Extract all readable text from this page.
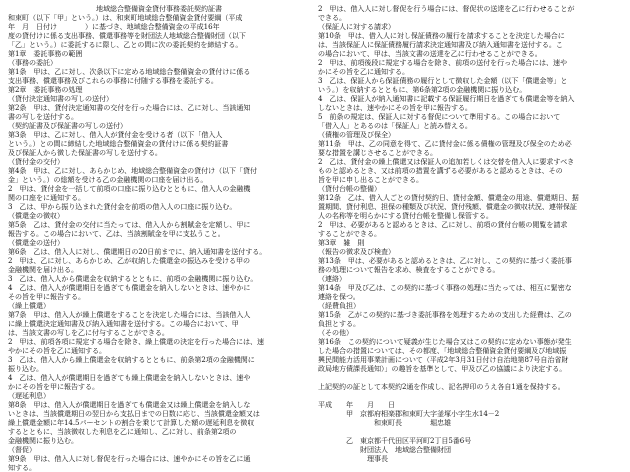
地域総合整備資金貸付事務委託契約証書
和束町（以下「甲」という。）は、和束町地域総合整備資金貸付要綱（平成
年　月　日付け　　　　）に基づき、地域総合整備資金の平成16年
度の貸付けに係る支出事務、償還事務等を財団法人地域総合整備財団（以下
「乙」という。）に委託するに際し、乙との間に次の委託契約を締結する。
第1章　委託事務の範囲
（事務の委託）
第1条　甲は、乙に対し、次条以下に定める地域総合整備資金の貸付けに係る
支出事務、償還事務及びこれらの事務に付随する事務を委託する。
第2章　委託事務の処理
（貸付決定通知書の写しの送付）
第2条　甲は、貸付決定通知書の交付を行った場合には、乙に対し、当該通知
書の写しを送付する。
（契約証書及び保証書の写しの送付）
第3条　甲は、乙に対し、借入人が貸付金を受ける者（以下「借入人
という。）との間に締結した地域総合整備資金の貸付けに係る契約証書
及び保証人から徴した保証書の写しを送付する。
（貸付金の交付）
第4条　甲は、乙に対し、あらかじめ、地域総合整備資金の貸付け（以下「貸付
金」という。）の総額を受ける乙の金融機関の口座を届け出る。
2　甲は、貸付金を一括して前項の口座に振り込むとともに、借入人の金融機
関の口座をに通知する。
3　乙は、甲から振り込まれた貸付金を前項の借入人の口座に振り込む。
（償還金の徴収）
第5条　乙は、貸付金の交付に当たっては、借入人から割賦金を定額し、甲に
報告する。この場合において、乙は、当該割賦金を甲に支払うこと。
（償還金の送付）
第6条　乙は、借入人に対し、償還期日の20日前までに、納入通知書を送付する。
2　甲は、乙に対し、あらかじめ、乙が収納した償還金の振込みを受ける甲の
金融機関を届け出る。
3　乙は、借入人から償還金を収納するとともに、前項の金融機関に振り込む。
4　乙は、借入人が償還期日を過ぎても償還金を納入しないときは、速やかに
その旨を甲に報告する。
（繰上償還）
第7条　甲は、借入人が繰上償還をすることを決定した場合には、当該借入人
に繰上償還決定通知書及び納入通知書を送付する。この場合において、甲
は、当該文書の写しを乙に付与することができる。
2　甲は、前項各項に規定する場合を除き、繰上償還の決定を行った場合には、速
やかにその旨を乙に通知する。
3　乙は、借入人から繰上償還金を収納するとともに、前条第2項の金融機関に
振り込む。
4　乙は、借入人が償還期日を過ぎても繰上償還金を納入しないときは、速や
かにその旨を甲に報告する。
（遅延利息）
第8条　甲は、借入人が償還期日を過ぎても償還金又は繰上償還金を納入しな
いときは、当該償還期日の翌日から支払日までの日数に応じ、当該償還金額又は
繰上償還金額に年14.5パーセントの割合を乗じて計算した額の遅延利息を徴収
するとともに、当該徴収した利息を乙に通知し、乙に対し、前条第2項の
金融機関に振り込む。
（督促）
第9条　甲は、借入人に対し督促を行った場合には、速やかにその旨を乙に通
知する。
2　甲は、借入人に対し督促を行う場合には、督促状の送達を乙に行わせることが
できる。
（保証人に対する請求）
第10条　甲は、借入人に対し保証債務の履行を請求することを決定した場合に
は、当該保証人に保証債務履行請求決定通知書及び納入通知書を送付する。こ
の場合において、甲は、当該文書の送達を乙に行わせることができる。
2　甲は、前項後段に規定する場合を除き、前項の送付を行った場合には、速や
かにその旨を乙に通知する。
3　乙は、保証人から保証債務の履行として徴収した金額（以下「償還金等」と
いう。）を収納するとともに、第6条第2項の金融機関に振り込む。
4　乙は、保証人が納入通知書に記載する保証履行期日を過ぎても償還金等を納入
しないときは、速やかにその旨を甲に報告する。
5　前条の規定は、保証人に対する督促について準用する。この場合において
「借入人」とあるのは「保証人」と読み替える。
（債権の管理及び保全）
第11条　甲は、乙の同意を得て、乙に貸付金に係る債権の管理及び保全のため必
要な措置を講じさせることができる。
2　乙は、貸付金の繰上償還又は保証人の追加若しくは交替を借入人に要求すべき
ものと認めるとき、又は前項の措置を講ずる必要があると認めるときは、その
旨を甲に申し出ることができる。
（貸付台帳の整備）
第12条　乙は、借入人ごとの貸付契約日、貸付金額、償還金の用途、償還期日、据
置期間、貸付利息、担保の種類及び状況、貸付残額、償還金の徴収状況、連帯保証
人の名称等を明らかにする貸付台帳を整備し保管する。
2　甲は、必要があると認めるときは、乙に対し、前項の貸付台帳の閲覧を請求
することができる。
第3章　雑　則
（報告の徴求及び検査）
第13条　甲は、必要があると認めるときは、乙に対し、この契約に基づく委託事
務の処理について報告を求め、検査をすることができる。
（連絡）
第14条　甲及び乙は、この契約に基づく事務の処理に当たっては、相互に緊密な
連絡を保つ。
（経費負担）
第15条　乙がこの契約に基づき委託事務を処理するための支出した経費は、乙の
負担とする。
（その他）
第16条　この契約について疑義が生じた場合又はこの契約に定めない事態が発生
した場合の措置については、その都度、「地域総合整備資金貸付要綱及び地域振
興民間能力活用事業計画について（平成2年3月31日付け自治地第87号自治省財
政局地方債課長通知）」の趣旨を基準として、甲及び乙の協議により決定する。
上記契約の証として本契約2通を作成し、記名押印のうえ各自1通を保持する。
平成　　年　　月　　日
　　　　甲　京都府相楽郡和束町大字釜塚小字生水14－2
　　　　　　　　和束町長　　　　堀忠雄
　　　　乙　東京都千代田区平河町2丁目5番6号
　　　　　　財団法人　地域総合整備財団
　　　　　　　理事長
